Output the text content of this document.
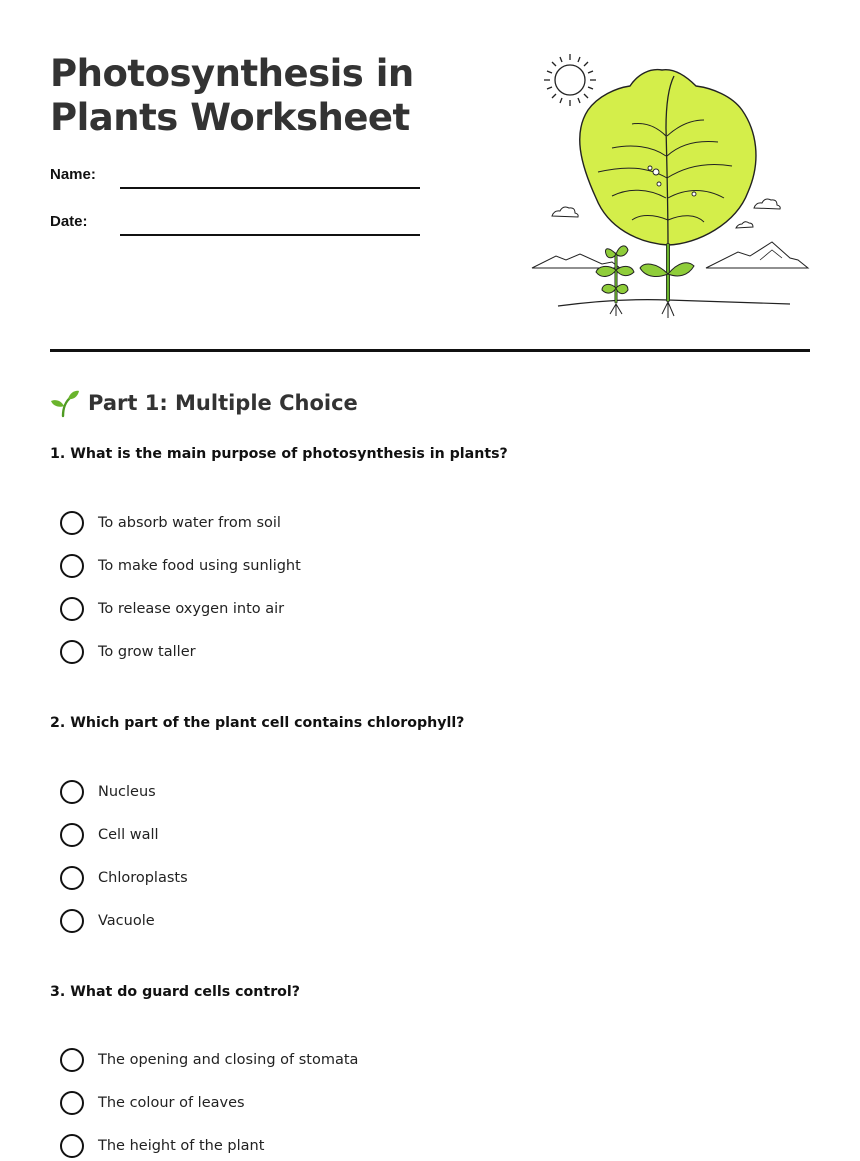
Photosynthesis in Plants Worksheet
Name:
Date:
Part 1: Multiple Choice

1. What is the main purpose of photosynthesis in plants?

To absorb water from soil
To make food using sunlight
To release oxygen into air
To grow taller

2. Which part of the plant cell contains chlorophyll?

Nucleus
Cell wall
Chloroplasts
Vacuole

3. What do guard cells control?

The opening and closing of stomata
The colour of leaves
The height of the plant
